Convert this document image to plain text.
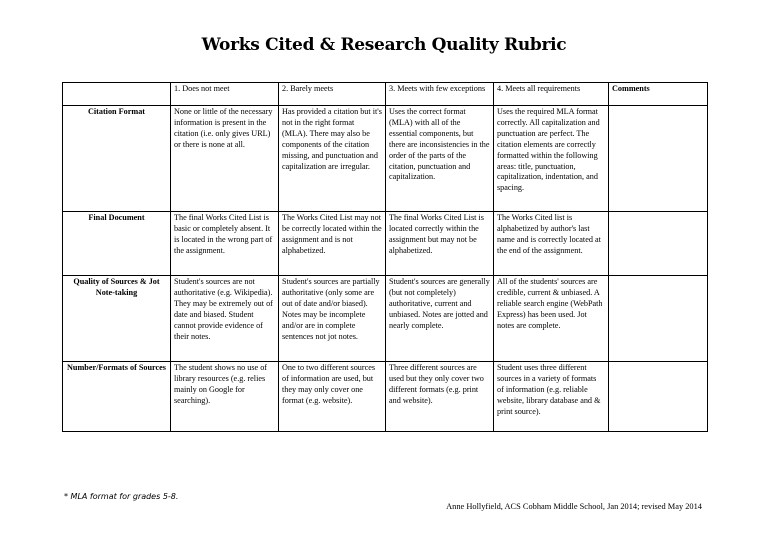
Works Cited & Research Quality Rubric
	1. Does not meet	2. Barely meets	3. Meets with few exceptions	4. Meets all requirements	Comments
Citation Format	None or little of the necessary information is present in the citation (i.e. only gives URL) or there is none at all.	Has provided a citation but it's not in the right format (MLA). There may also be components of the citation missing, and punctuation and capitalization are irregular.	Uses the correct format (MLA) with all of the essential components, but there are inconsistencies in the order of the parts of the citation, punctuation and capitalization.	Uses the required MLA format correctly. All capitalization and punctuation are perfect. The citation elements are correctly formatted within the following areas: title, punctuation, capitalization, indentation, and spacing.	
Final Document	The final Works Cited List is basic or completely absent. It is located in the wrong part of the assignment.	The Works Cited List may not be correctly located within the assignment and is not alphabetized.	The final Works Cited List is located correctly within the assignment but may not be alphabetized.	The Works Cited list is alphabetized by author's last name and is correctly located at the end of the assignment.	
Quality of Sources & Jot Note-taking	Student's sources are not authoritative (e.g. Wikipedia). They may be extremely out of date and biased. Student cannot provide evidence of their notes.	Student's sources are partially authoritative (only some are out of date and/or biased). Notes may be incomplete and/or are in complete sentences not jot notes.	Student's sources are generally (but not completely) authoritative, current and unbiased. Notes are jotted and nearly complete.	All of the students' sources are credible, current & unbiased. A reliable search engine (WebPath Express) has been used. Jot notes are complete.	
Number/Formats of Sources	The student shows no use of library resources (e.g. relies mainly on Google for searching).	One to two different sources of information are used, but they may only cover one format (e.g. website).	Three different sources are used but they only cover two different formats (e.g. print and website).	Student uses three different sources in a variety of formats of information (e.g. reliable website, library database and & print source).	
* MLA format for grades 5-8.
Anne Hollyfield, ACS Cobham Middle School, Jan 2014; revised May 2014
